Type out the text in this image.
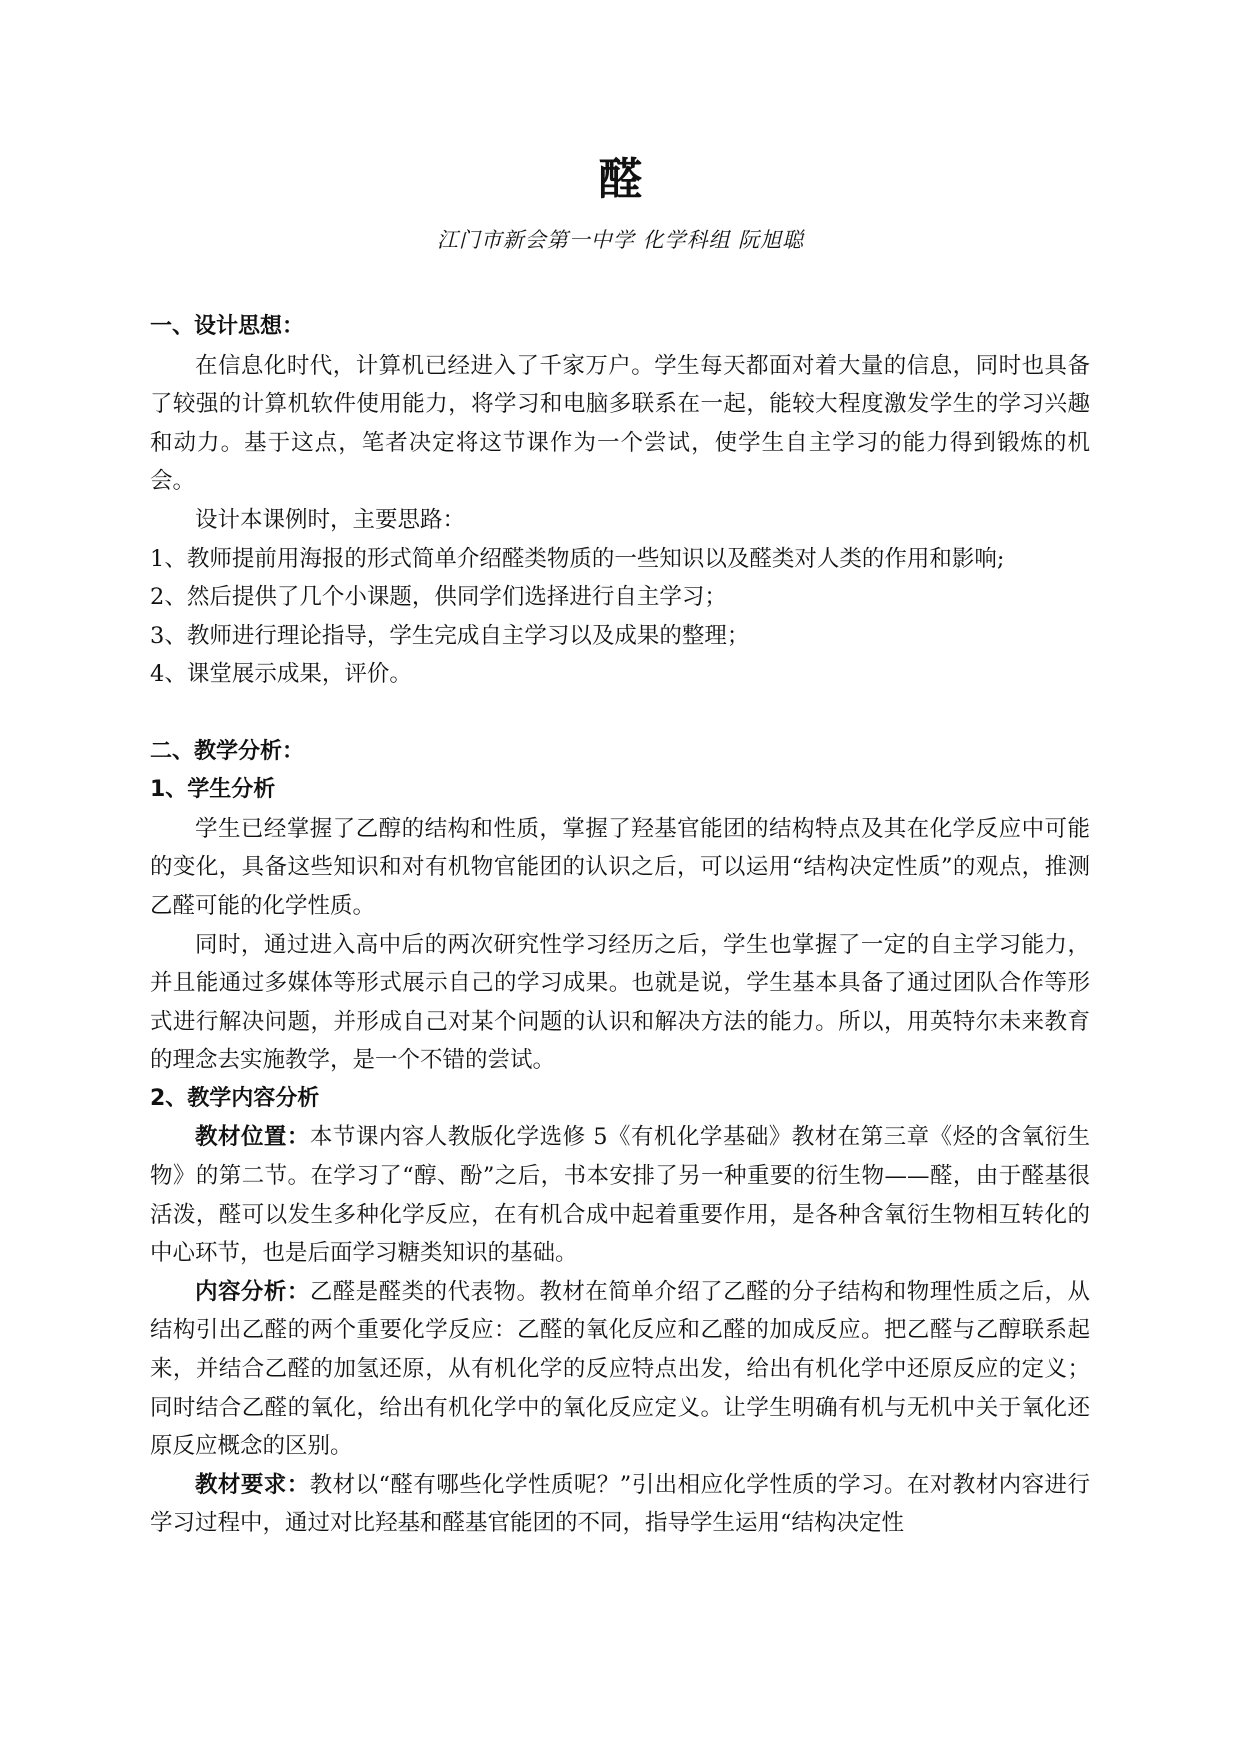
醛
江门市新会第一中学 化学科组 阮旭聪

一、设计思想：

在信息化时代，计算机已经进入了千家万户。学生每天都面对着大量的信息，同时也具备了较强的计算机软件使用能力，将学习和电脑多联系在一起，能较大程度激发学生的学习兴趣和动力。基于这点，笔者决定将这节课作为一个尝试，使学生自主学习的能力得到锻炼的机会。

设计本课例时，主要思路：

1、教师提前用海报的形式简单介绍醛类物质的一些知识以及醛类对人类的作用和影响;

2、然后提供了几个小课题，供同学们选择进行自主学习；

3、教师进行理论指导，学生完成自主学习以及成果的整理；

4、课堂展示成果，评价。

二、教学分析：

1、学生分析

学生已经掌握了乙醇的结构和性质，掌握了羟基官能团的结构特点及其在化学反应中可能的变化，具备这些知识和对有机物官能团的认识之后，可以运用“结构决定性质”的观点，推测乙醛可能的化学性质。

同时，通过进入高中后的两次研究性学习经历之后，学生也掌握了一定的自主学习能力，并且能通过多媒体等形式展示自己的学习成果。也就是说，学生基本具备了通过团队合作等形式进行解决问题，并形成自己对某个问题的认识和解决方法的能力。所以，用英特尔未来教育的理念去实施教学，是一个不错的尝试。

2、教学内容分析

教材位置：本节课内容人教版化学选修 5《有机化学基础》教材在第三章《烃的含氧衍生物》的第二节。在学习了“醇、酚”之后，书本安排了另一种重要的衍生物——醛，由于醛基很活泼，醛可以发生多种化学反应，在有机合成中起着重要作用，是各种含氧衍生物相互转化的中心环节，也是后面学习糖类知识的基础。

内容分析：乙醛是醛类的代表物。教材在简单介绍了乙醛的分子结构和物理性质之后，从结构引出乙醛的两个重要化学反应：乙醛的氧化反应和乙醛的加成反应。把乙醛与乙醇联系起来，并结合乙醛的加氢还原，从有机化学的反应特点出发，给出有机化学中还原反应的定义；同时结合乙醛的氧化，给出有机化学中的氧化反应定义。让学生明确有机与无机中关于氧化还原反应概念的区别。

教材要求：教材以“醛有哪些化学性质呢？”引出相应化学性质的学习。在对教材内容进行学习过程中，通过对比羟基和醛基官能团的不同，指导学生运用“结构决定性
